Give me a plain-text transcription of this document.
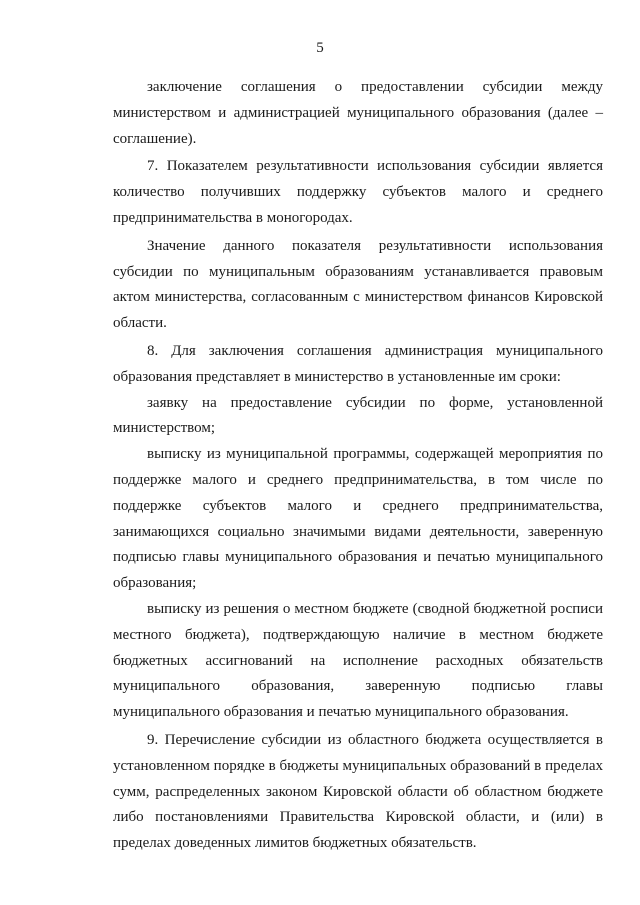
5

заключение соглашения о предоставлении субсидии между министерством и администрацией муниципального образования (далее – соглашение).

7. Показателем результативности использования субсидии является количество получивших поддержку субъектов малого и среднего предпринимательства в моногородах.

Значение данного показателя результативности использования субсидии по муниципальным образованиям устанавливается правовым актом министерства, согласованным с министерством финансов Кировской области.

8. Для заключения соглашения администрация муниципального образования представляет в министерство в установленные им сроки:

заявку на предоставление субсидии по форме, установленной министерством;

выписку из муниципальной программы, содержащей мероприятия по поддержке малого и среднего предпринимательства, в том числе по поддержке субъектов малого и среднего предпринимательства, занимающихся социально значимыми видами деятельности, заверенную подписью главы муниципального образования и печатью муниципального образования;

выписку из решения о местном бюджете (сводной бюджетной росписи местного бюджета), подтверждающую наличие в местном бюджете бюджетных ассигнований на исполнение расходных обязательств муниципального образования, заверенную подписью главы муниципального образования и печатью муниципального образования.

9. Перечисление субсидии из областного бюджета осуществляется в установленном порядке в бюджеты муниципальных образований в пределах сумм, распределенных законом Кировской области об областном бюджете либо постановлениями Правительства Кировской области, и (или) в пределах доведенных лимитов бюджетных обязательств.
